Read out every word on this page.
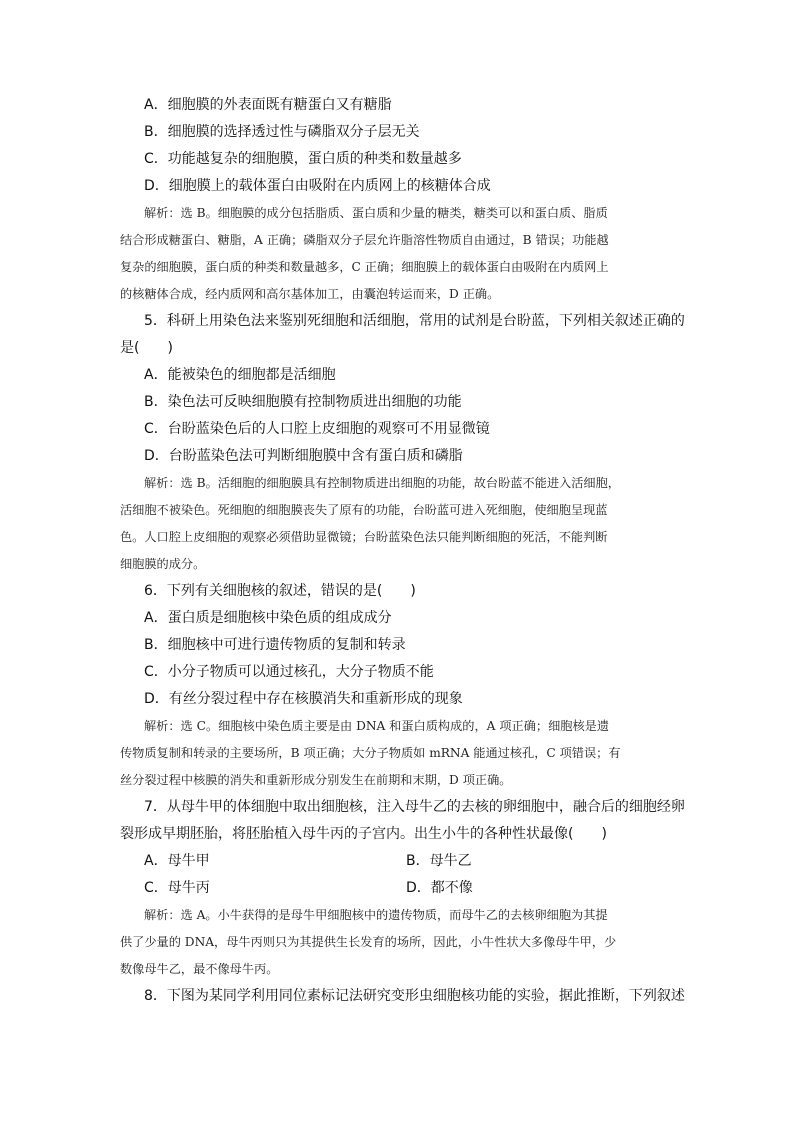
A．细胞膜的外表面既有糖蛋白又有糖脂
B．细胞膜的选择透过性与磷脂双分子层无关
C．功能越复杂的细胞膜，蛋白质的种类和数量越多
D．细胞膜上的载体蛋白由吸附在内质网上的核糖体合成
解析：选 B。细胞膜的成分包括脂质、蛋白质和少量的糖类，糖类可以和蛋白质、脂质
结合形成糖蛋白、糖脂，A 正确；磷脂双分子层允许脂溶性物质自由通过，B 错误；功能越
复杂的细胞膜，蛋白质的种类和数量越多，C 正确；细胞膜上的载体蛋白由吸附在内质网上
的核糖体合成，经内质网和高尔基体加工，由囊泡转运而来，D 正确。
5．科研上用染色法来鉴别死细胞和活细胞，常用的试剂是台盼蓝，下列相关叙述正确的
是(　　)
A．能被染色的细胞都是活细胞
B．染色法可反映细胞膜有控制物质进出细胞的功能
C．台盼蓝染色后的人口腔上皮细胞的观察可不用显微镜
D．台盼蓝染色法可判断细胞膜中含有蛋白质和磷脂
解析：选 B。活细胞的细胞膜具有控制物质进出细胞的功能，故台盼蓝不能进入活细胞，
活细胞不被染色。死细胞的细胞膜丧失了原有的功能，台盼蓝可进入死细胞，使细胞呈现蓝
色。人口腔上皮细胞的观察必须借助显微镜；台盼蓝染色法只能判断细胞的死活，不能判断
细胞膜的成分。
6．下列有关细胞核的叙述，错误的是(　　)
A．蛋白质是细胞核中染色质的组成成分
B．细胞核中可进行遗传物质的复制和转录
C．小分子物质可以通过核孔，大分子物质不能
D．有丝分裂过程中存在核膜消失和重新形成的现象
解析：选 C。细胞核中染色质主要是由 DNA 和蛋白质构成的，A 项正确；细胞核是遗
传物质复制和转录的主要场所，B 项正确；大分子物质如 mRNA 能通过核孔，C 项错误；有
丝分裂过程中核膜的消失和重新形成分别发生在前期和末期，D 项正确。
7．从母牛甲的体细胞中取出细胞核，注入母牛乙的去核的卵细胞中，融合后的细胞经卵
裂形成早期胚胎，将胚胎植入母牛丙的子宫内。出生小牛的各种性状最像(　　)
A．母牛甲	B．母牛乙
C．母牛丙	D．都不像
解析：选 A。小牛获得的是母牛甲细胞核中的遗传物质，而母牛乙的去核卵细胞为其提
供了少量的 DNA，母牛丙则只为其提供生长发育的场所，因此，小牛性状大多像母牛甲，少
数像母牛乙，最不像母牛丙。
8．下图为某同学利用同位素标记法研究变形虫细胞核功能的实验，据此推断，下列叙述
